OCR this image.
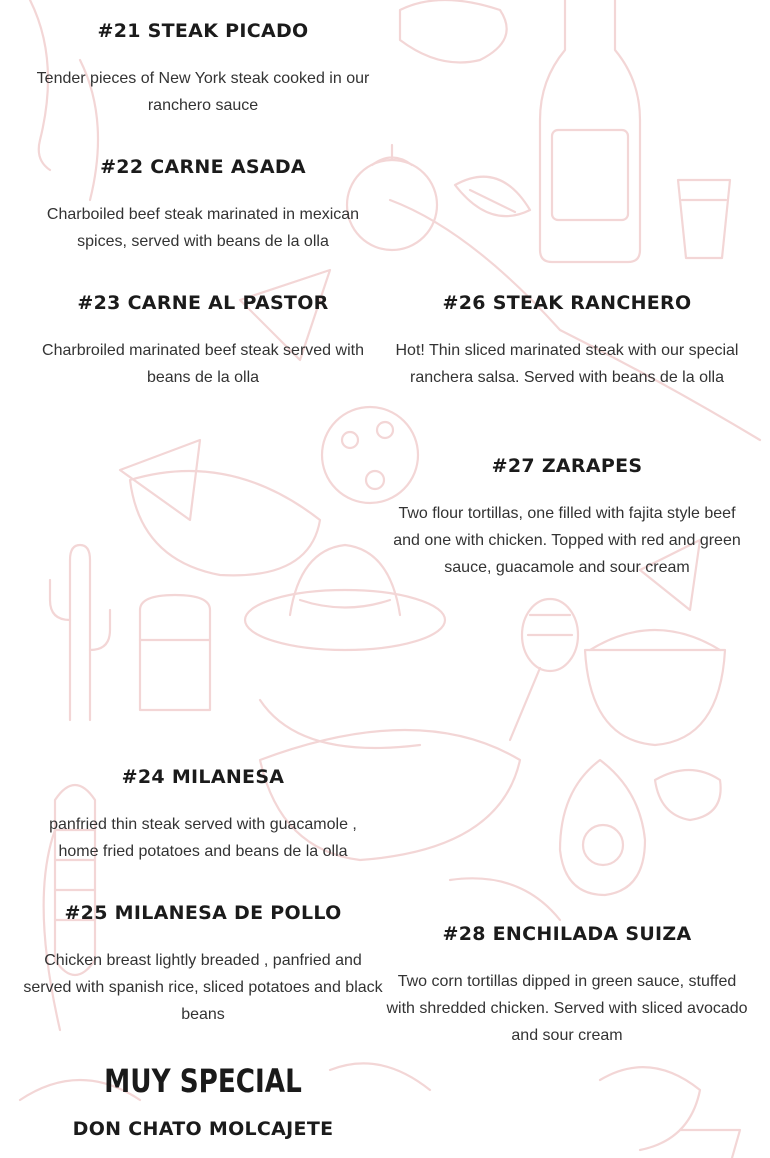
#21 STEAK PICADO

Tender pieces of New York steak cooked in our ranchero sauce

#22 CARNE ASADA

Charboiled beef steak marinated in mexican spices, served with beans de la olla

#23 CARNE AL PASTOR

Charbroiled marinated beef steak served with beans de la olla

#26 STEAK RANCHERO

Hot! Thin sliced marinated steak with our special ranchera salsa. Served with beans de la olla

#27 ZARAPES

Two flour tortillas, one filled with fajita style beef and one with chicken. Topped with red and green sauce, guacamole and sour cream

#24 MILANESA

panfried thin steak served with guacamole , home fried potatoes and beans de la olla

#25 MILANESA DE POLLO

Chicken breast lightly breaded , panfried and served with spanish rice, sliced potatoes and black beans

#28 ENCHILADA SUIZA

Two corn tortillas dipped in green sauce, stuffed with shredded chicken. Served with sliced avocado and sour cream

MUY SPECIAL
DON CHATO MOLCAJETE
